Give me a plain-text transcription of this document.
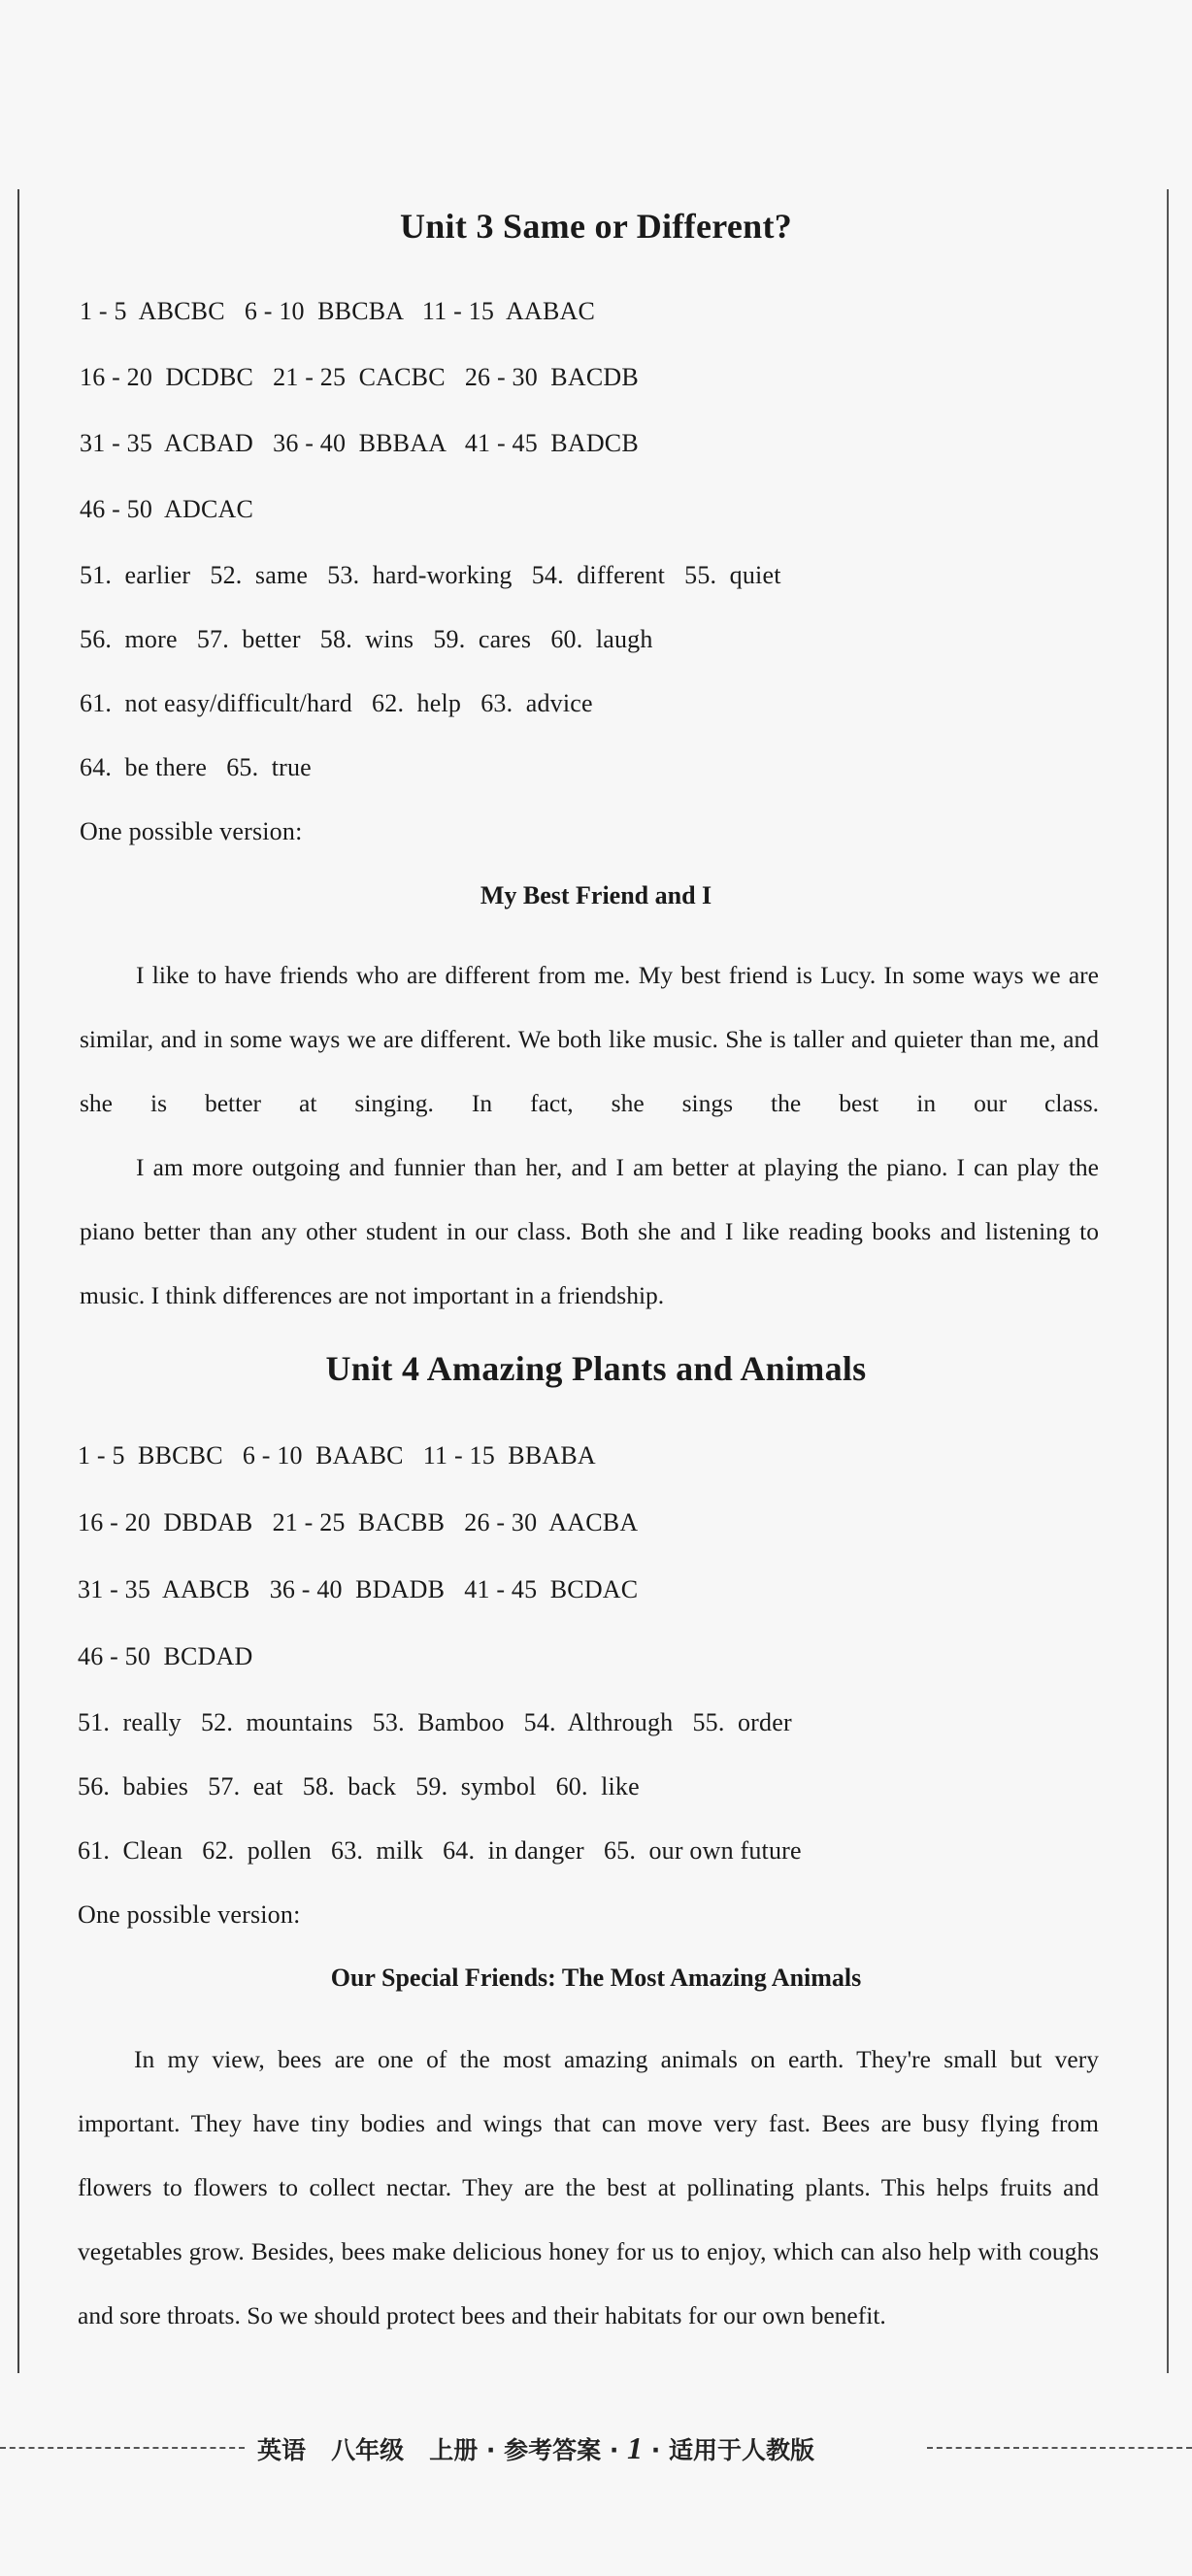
Unit 3 Same or Different?
1 - 5  ABCBC   6 - 10  BBCBA   11 - 15  AABAC
16 - 20  DCDBC   21 - 25  CACBC   26 - 30  BACDB
31 - 35  ACBAD   36 - 40  BBBAA   41 - 45  BADCB
46 - 50  ADCAC
51.  earlier   52.  same   53.  hard-working   54.  different   55.  quiet
56.  more   57.  better   58.  wins   59.  cares   60.  laugh
61.  not easy/difficult/hard   62.  help   63.  advice
64.  be there   65.  true
One possible version:
My Best Friend and I
I like to have friends who are different from me. My best friend is Lucy. In some ways we are similar, and in some ways we are different. We both like music. She is taller and quieter than me, and she is better at singing. In fact, she sings the best in our class.
I am more outgoing and funnier than her, and I am better at playing the piano. I can play the piano better than any other student in our class. Both she and I like reading books and listening to music. I think differences are not important in a friendship.
Unit 4 Amazing Plants and Animals
1 - 5  BBCBC   6 - 10  BAABC   11 - 15  BBABA
16 - 20  DBDAB   21 - 25  BACBB   26 - 30  AACBA
31 - 35  AABCB   36 - 40  BDADB   41 - 45  BCDAC
46 - 50  BCDAD
51.  really   52.  mountains   53.  Bamboo   54.  Althrough   55.  order
56.  babies   57.  eat   58.  back   59.  symbol   60.  like
61.  Clean   62.  pollen   63.  milk   64.  in danger   65.  our own future
One possible version:
Our Special Friends: The Most Amazing Animals
In my view, bees are one of the most amazing animals on earth. They're small but very important. They have tiny bodies and wings that can move very fast. Bees are busy flying from flowers to flowers to collect nectar. They are the best at pollinating plants. This helps fruits and vegetables grow. Besides, bees make delicious honey for us to enjoy, which can also help with coughs and sore throats. So we should protect bees and their habitats for our own benefit.
英语   八年级   上册 · 参考答案 · 1 · 适用于人教版
